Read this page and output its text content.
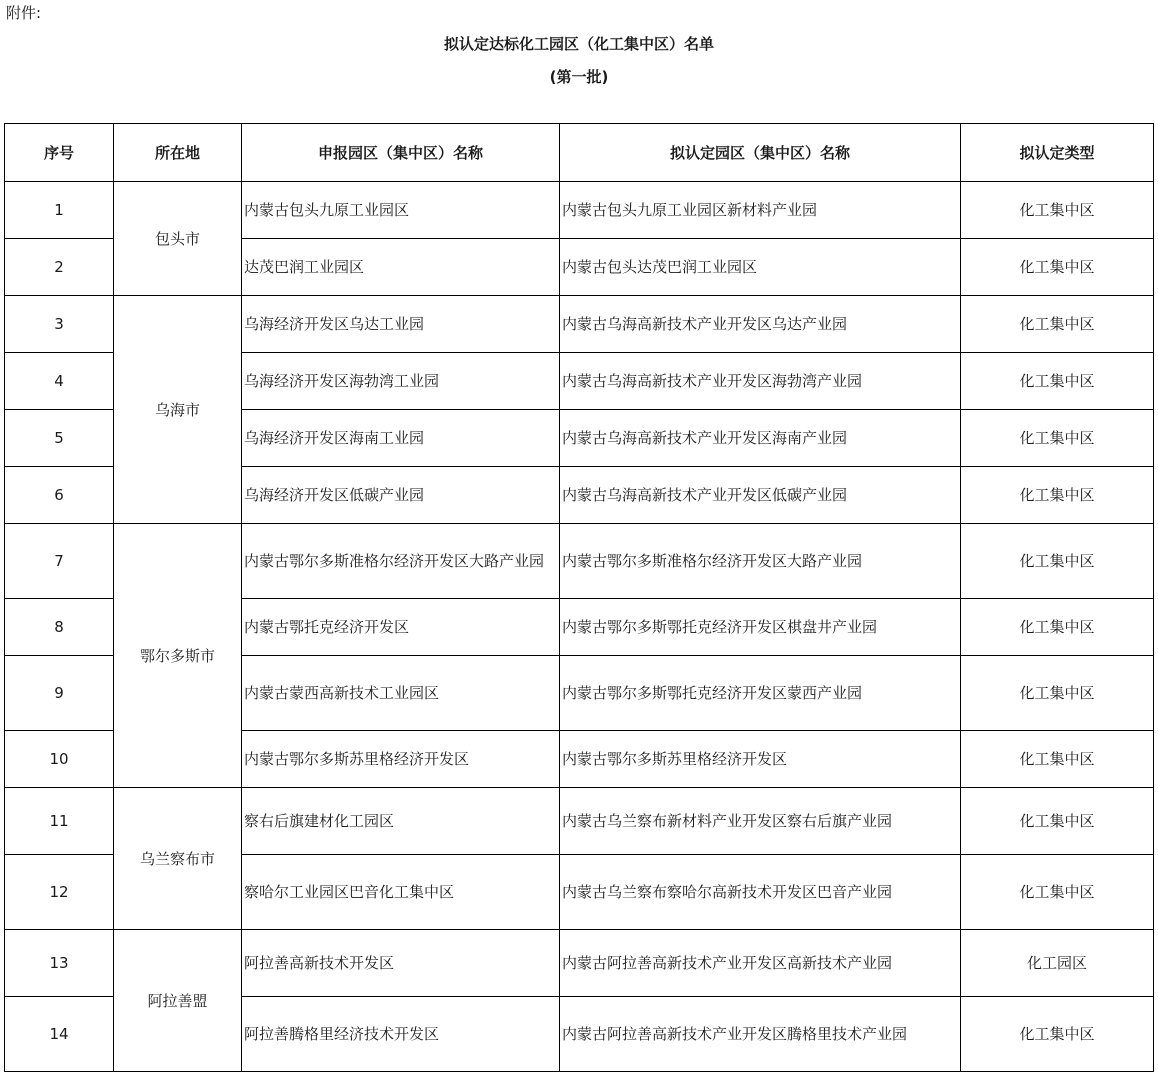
附件:
拟认定达标化工园区（化工集中区）名单
(第一批)
序号	所在地	申报园区（集中区）名称	拟认定园区（集中区）名称	拟认定类型
1	包头市	内蒙古包头九原工业园区	内蒙古包头九原工业园区新材料产业园	化工集中区
2		达茂巴润工业园区	内蒙古包头达茂巴润工业园区	化工集中区
3	乌海市	乌海经济开发区乌达工业园	内蒙古乌海高新技术产业开发区乌达产业园	化工集中区
4		乌海经济开发区海勃湾工业园	内蒙古乌海高新技术产业开发区海勃湾产业园	化工集中区
5		乌海经济开发区海南工业园	内蒙古乌海高新技术产业开发区海南产业园	化工集中区
6		乌海经济开发区低碳产业园	内蒙古乌海高新技术产业开发区低碳产业园	化工集中区
7	鄂尔多斯市	内蒙古鄂尔多斯准格尔经济开发区大路产业园	内蒙古鄂尔多斯准格尔经济开发区大路产业园	化工集中区
8		内蒙古鄂托克经济开发区	内蒙古鄂尔多斯鄂托克经济开发区棋盘井产业园	化工集中区
9		内蒙古蒙西高新技术工业园区	内蒙古鄂尔多斯鄂托克经济开发区蒙西产业园	化工集中区
10		内蒙古鄂尔多斯苏里格经济开发区	内蒙古鄂尔多斯苏里格经济开发区	化工集中区
11	乌兰察布市	察右后旗建材化工园区	内蒙古乌兰察布新材料产业开发区察右后旗产业园	化工集中区
12		察哈尔工业园区巴音化工集中区	内蒙古乌兰察布察哈尔高新技术开发区巴音产业园	化工集中区
13	阿拉善盟	阿拉善高新技术开发区	内蒙古阿拉善高新技术产业开发区高新技术产业园	化工园区
14		阿拉善腾格里经济技术开发区	内蒙古阿拉善高新技术产业开发区腾格里技术产业园	化工集中区
